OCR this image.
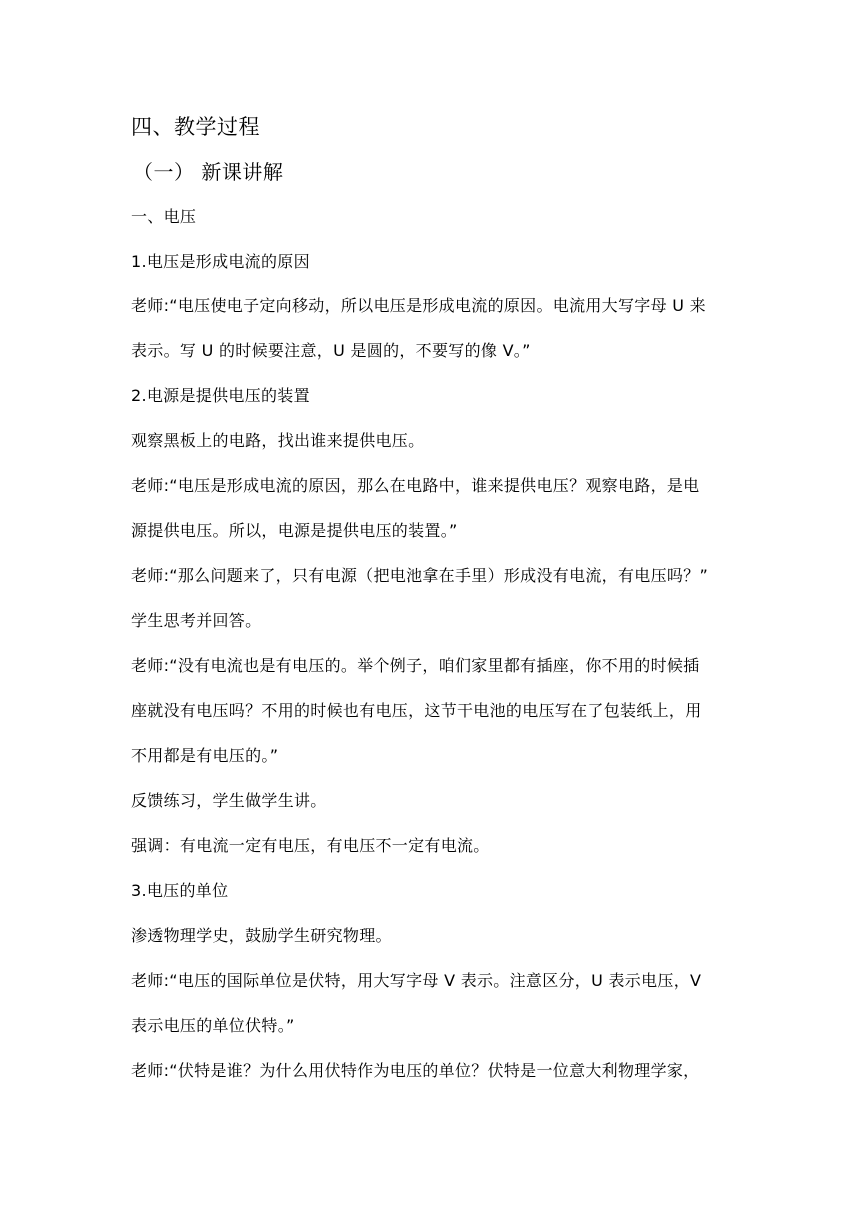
四、教学过程
（一） 新课讲解
一、电压
1.电压是形成电流的原因
老师:“电压使电子定向移动，所以电压是形成电流的原因。电流用大写字母 U 来
表示。写 U 的时候要注意，U 是圆的，不要写的像 V。”
2.电源是提供电压的装置
观察黑板上的电路，找出谁来提供电压。
老师:“电压是形成电流的原因，那么在电路中，谁来提供电压？观察电路，是电
源提供电压。所以，电源是提供电压的装置。”
老师:“那么问题来了，只有电源（把电池拿在手里）形成没有电流，有电压吗？”
学生思考并回答。
老师:“没有电流也是有电压的。举个例子，咱们家里都有插座，你不用的时候插
座就没有电压吗？不用的时候也有电压，这节干电池的电压写在了包装纸上，用
不用都是有电压的。”
反馈练习，学生做学生讲。
强调：有电流一定有电压，有电压不一定有电流。
3.电压的单位
渗透物理学史，鼓励学生研究物理。
老师:“电压的国际单位是伏特，用大写字母 V 表示。注意区分，U 表示电压，V
表示电压的单位伏特。”
老师:“伏特是谁？为什么用伏特作为电压的单位？伏特是一位意大利物理学家，
